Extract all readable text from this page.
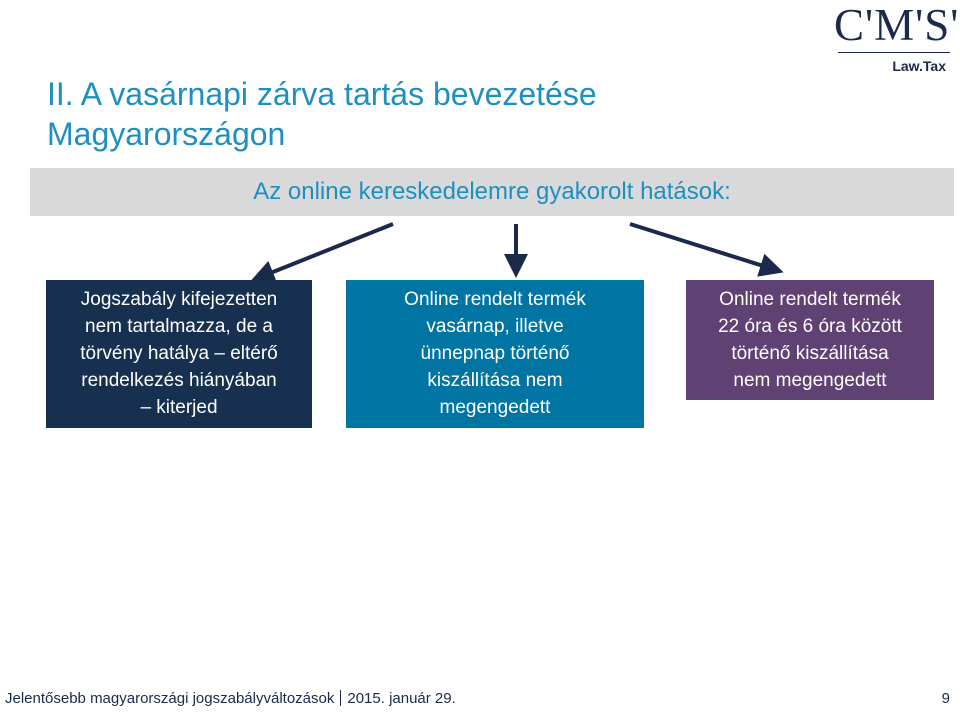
II. A vasárnapi zárva tartás bevezetése
Magyarországon
C'M'S'
Law.Tax
Az online kereskedelemre gyakorolt hatások:
Jogszabály kifejezetten
nem tartalmazza, de a
törvény hatálya – eltérő
rendelkezés hiányában
– kiterjed
Online rendelt termék
vasárnap, illetve
ünnepnap történő
kiszállítása nem
megengedett
Online rendelt termék
22 óra és 6 óra között
történő kiszállítása
nem megengedett
Jelentősebb magyarországi jogszabályváltozások 2015. január 29.	9
